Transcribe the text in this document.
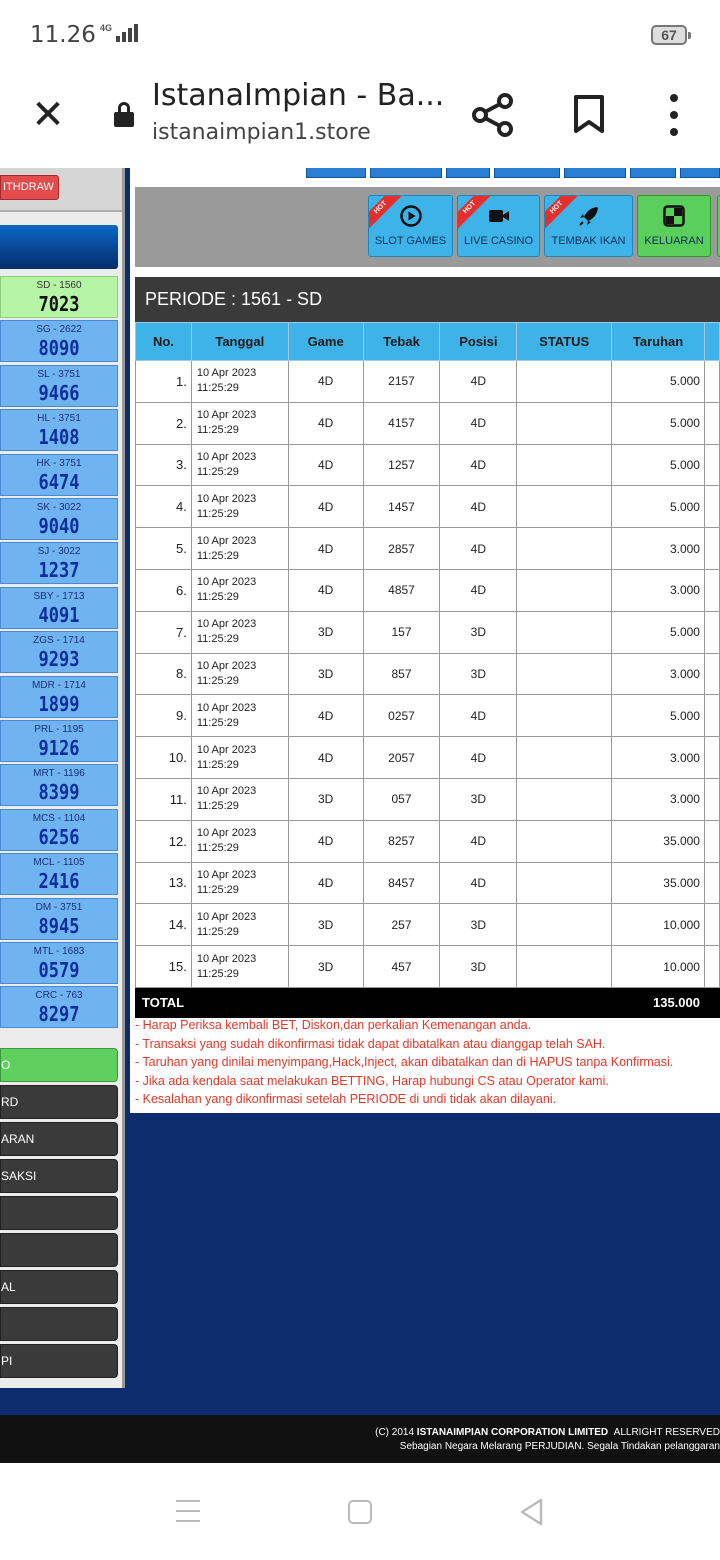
11.26 4G	67
✕	IstanaImpian - Ba...
istanaimpian1.store
ITHDRAW
SD - 1560
7023
SG - 2622
8090
SL - 3751
9466
HL - 3751
1408
HK - 3751
6474
SK - 3022
9040
SJ - 3022
1237
SBY - 1713
4091
ZGS - 1714
9293
MDR - 1714
1899
PRL - 1195
9126
MRT - 1196
8399
MCS - 1104
6256
MCL - 1105
2416
DM - 3751
8945
MTL - 1683
0579
CRC - 763
8297
O
RD
ARAN
SAKSI
AL
PI
HOT
SLOT GAMES
HOT
LIVE CASINO
HOT
TEMBAK IKAN	KELUARAN
PERIODE : 1561 - SD
No.	Tanggal	Game	Tebak	Posisi	STATUS	Taruhan	
1.	10 Apr 2023
11:25:29	4D	2157	4D		5.000	
2.	10 Apr 2023
11:25:29	4D	4157	4D		5.000	
3.	10 Apr 2023
11:25:29	4D	1257	4D		5.000	
4.	10 Apr 2023
11:25:29	4D	1457	4D		5.000	
5.	10 Apr 2023
11:25:29	4D	2857	4D		3.000	
6.	10 Apr 2023
11:25:29	4D	4857	4D		3.000	
7.	10 Apr 2023
11:25:29	3D	157	3D		5.000	
8.	10 Apr 2023
11:25:29	3D	857	3D		3.000	
9.	10 Apr 2023
11:25:29	4D	0257	4D		5.000	
10.	10 Apr 2023
11:25:29	4D	2057	4D		3.000	
11.	10 Apr 2023
11:25:29	3D	057	3D		3.000	
12.	10 Apr 2023
11:25:29	4D	8257	4D		35.000	
13.	10 Apr 2023
11:25:29	4D	8457	4D		35.000	
14.	10 Apr 2023
11:25:29	3D	257	3D		10.000	
15.	10 Apr 2023
11:25:29	3D	457	3D		10.000	
TOTAL						135.000	
- Harap Periksa kembali BET, Diskon,dan perkalian Kemenangan anda.
- Transaksi yang sudah dikonfirmasi tidak dapat dibatalkan atau dianggap telah SAH.
- Taruhan yang dinilai menyimpang,Hack,Inject, akan dibatalkan dan di HAPUS tanpa Konfirmasi.
- Jika ada kendala saat melakukan BETTING, Harap hubungi CS atau Operator kami.
- Kesalahan yang dikonfirmasi setelah PERIODE di undi tidak akan dilayani.
(C) 2014 ISTANAIMPIAN CORPORATION LIMITED ALLRIGHT RESERVED
Sebagian Negara Melarang PERJUDIAN. Segala Tindakan pelanggaran
